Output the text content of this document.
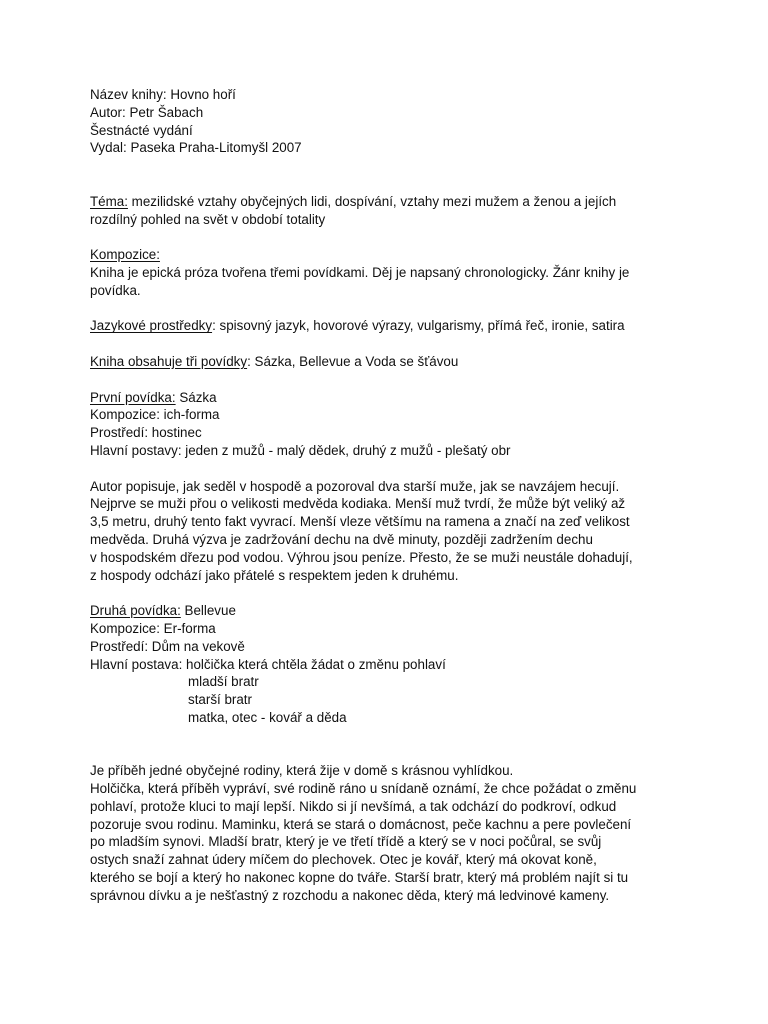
Název knihy: Hovno hoří
Autor: Petr Šabach
Šestnácté vydání
Vydal: Paseka Praha-Litomyšl 2007
Téma: mezilidské vztahy obyčejných lidi, dospívání, vztahy mezi mužem a ženou a jejích
rozdílný pohled na svět v období totality
Kompozice:
Kniha je epická próza tvořena třemi povídkami. Děj je napsaný chronologicky. Žánr knihy je
povídka.
Jazykové prostředky: spisovný jazyk, hovorové výrazy, vulgarismy, přímá řeč, ironie, satira
Kniha obsahuje tři povídky: Sázka, Bellevue a Voda se šťávou
První povídka: Sázka
Kompozice: ich-forma
Prostředí: hostinec
Hlavní postavy: jeden z mužů - malý dědek, druhý z mužů - plešatý obr
Autor popisuje, jak seděl v hospodě a pozoroval dva starší muže, jak se navzájem hecují.
Nejprve se muži přou o velikosti medvěda kodiaka. Menší muž tvrdí, že může být veliký až
3,5 metru, druhý tento fakt vyvrací. Menší vleze většímu na ramena a značí na zeď velikost
medvěda. Druhá výzva je zadržování dechu na dvě minuty, později zadržením dechu
v hospodském dřezu pod vodou. Výhrou jsou peníze. Přesto, že se muži neustále dohadují,
z hospody odchází jako přátelé s respektem jeden k druhému.
Druhá povídka: Bellevue
Kompozice: Er-forma
Prostředí: Dům na vekově
Hlavní postava: holčička která chtěla žádat o změnu pohlaví
mladší bratr
starší bratr
matka, otec - kovář a děda
Je příběh jedné obyčejné rodiny, která žije v domě s krásnou vyhlídkou.
Holčička, která příběh vypráví, své rodině ráno u snídaně oznámí, že chce požádat o změnu
pohlaví, protože kluci to mají lepší. Nikdo si jí nevšímá, a tak odchází do podkroví, odkud
pozoruje svou rodinu. Maminku, která se stará o domácnost, peče kachnu a pere povlečení
po mladším synovi. Mladší bratr, který je ve třetí třídě a který se v noci počůral, se svůj
ostych snaží zahnat údery míčem do plechovek. Otec je kovář, který má okovat koně,
kterého se bojí a který ho nakonec kopne do tváře. Starší bratr, který má problém najít si tu
správnou dívku a je nešťastný z rozchodu a nakonec děda, který má ledvinové kameny.
